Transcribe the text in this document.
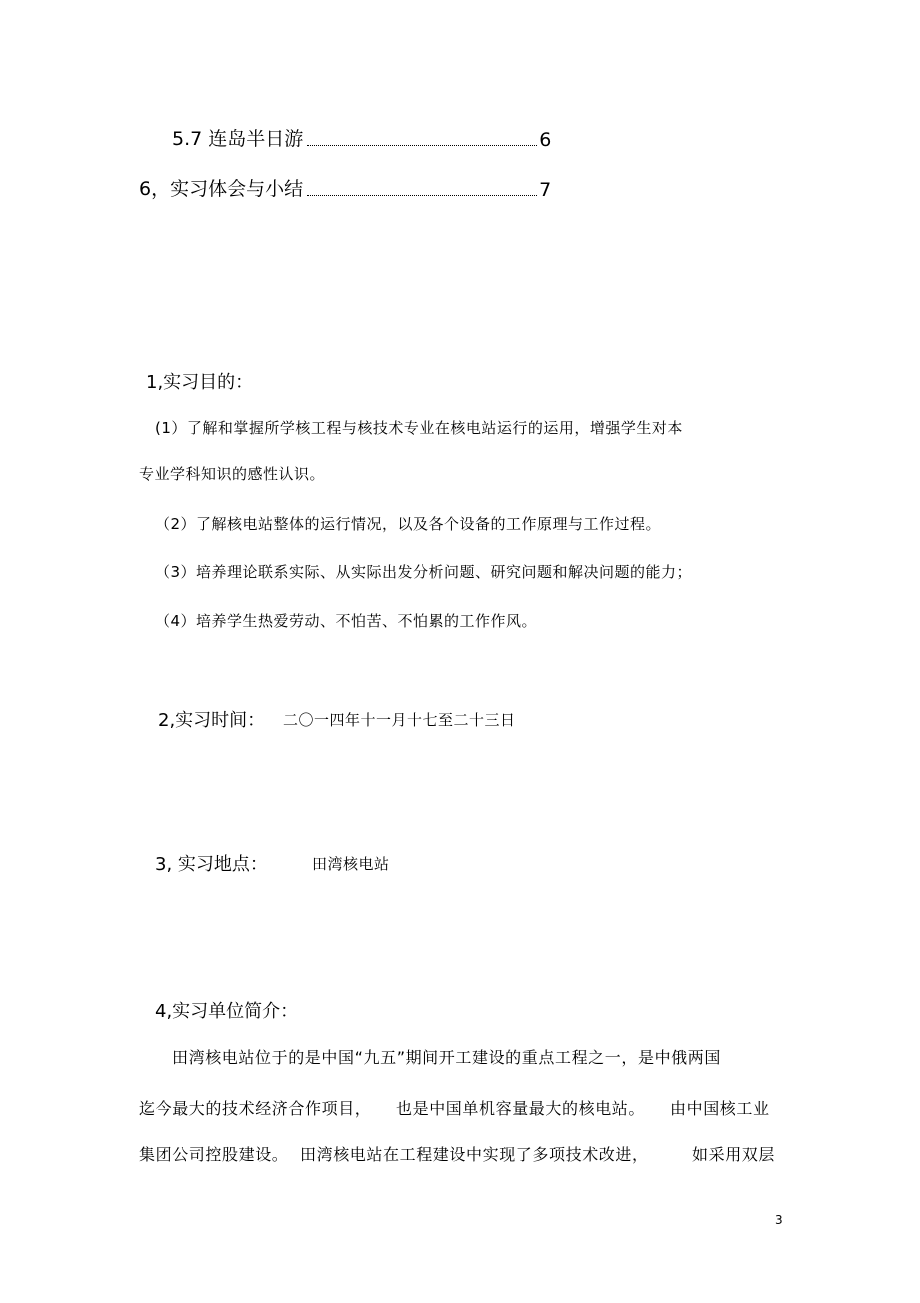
5.7 连岛半日游	6
6，实习体会与小结	7
1,实习目的：
(1）了解和掌握所学核工程与核技术专业在核电站运行的运用，增强学生对本
专业学科知识的感性认识。
（2）了解核电站整体的运行情况，以及各个设备的工作原理与工作过程。
（3）培养理论联系实际、从实际出发分析问题、研究问题和解决问题的能力；
（4）培养学生热爱劳动、不怕苦、不怕累的工作作风。
2,实习时间： 二〇一四年十一月十七至二十三日
3, 实习地点：	田湾核电站
4,实习单位简介：
田湾核电站位于的是中国“九五”期间开工建设的重点工程之一，是中俄两国
迄今最大的技术经济合作项目， 也是中国单机容量最大的核电站。 由中国核工业
集团公司控股建设。 田湾核电站在工程建设中实现了多项技术改进，	如采用双层
3
